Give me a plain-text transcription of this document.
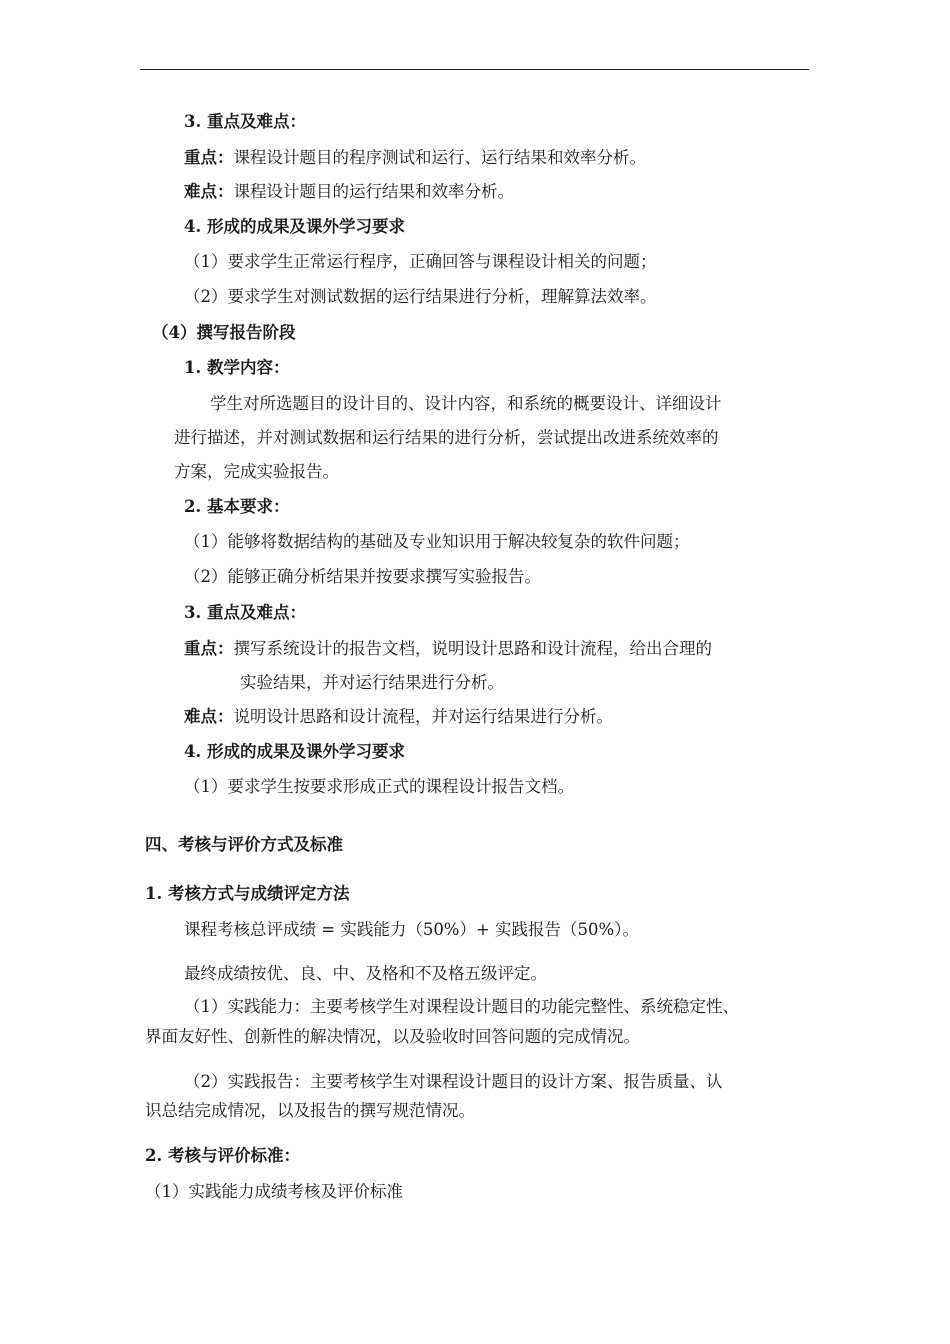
3. 重点及难点：
重点：课程设计题目的程序测试和运行、运行结果和效率分析。
难点：课程设计题目的运行结果和效率分析。
4. 形成的成果及课外学习要求
（1）要求学生正常运行程序，正确回答与课程设计相关的问题；
（2）要求学生对测试数据的运行结果进行分析，理解算法效率。
（4）撰写报告阶段
1. 教学内容：
学生对所选题目的设计目的、设计内容，和系统的概要设计、详细设计
进行描述，并对测试数据和运行结果的进行分析，尝试提出改进系统效率的
方案，完成实验报告。
2. 基本要求：
（1）能够将数据结构的基础及专业知识用于解决较复杂的软件问题；
（2）能够正确分析结果并按要求撰写实验报告。
3. 重点及难点：
重点：撰写系统设计的报告文档，说明设计思路和设计流程，给出合理的
实验结果，并对运行结果进行分析。
难点：说明设计思路和设计流程，并对运行结果进行分析。
4. 形成的成果及课外学习要求
（1）要求学生按要求形成正式的课程设计报告文档。
四、考核与评价方式及标准
1. 考核方式与成绩评定方法
课程考核总评成绩 = 实践能力（50%）+ 实践报告（50%）。
最终成绩按优、良、中、及格和不及格五级评定。
（1）实践能力：主要考核学生对课程设计题目的功能完整性、系统稳定性、
界面友好性、创新性的解决情况，以及验收时回答问题的完成情况。
（2）实践报告：主要考核学生对课程设计题目的设计方案、报告质量、认
识总结完成情况，以及报告的撰写规范情况。
2. 考核与评价标准：
（1）实践能力成绩考核及评价标准
